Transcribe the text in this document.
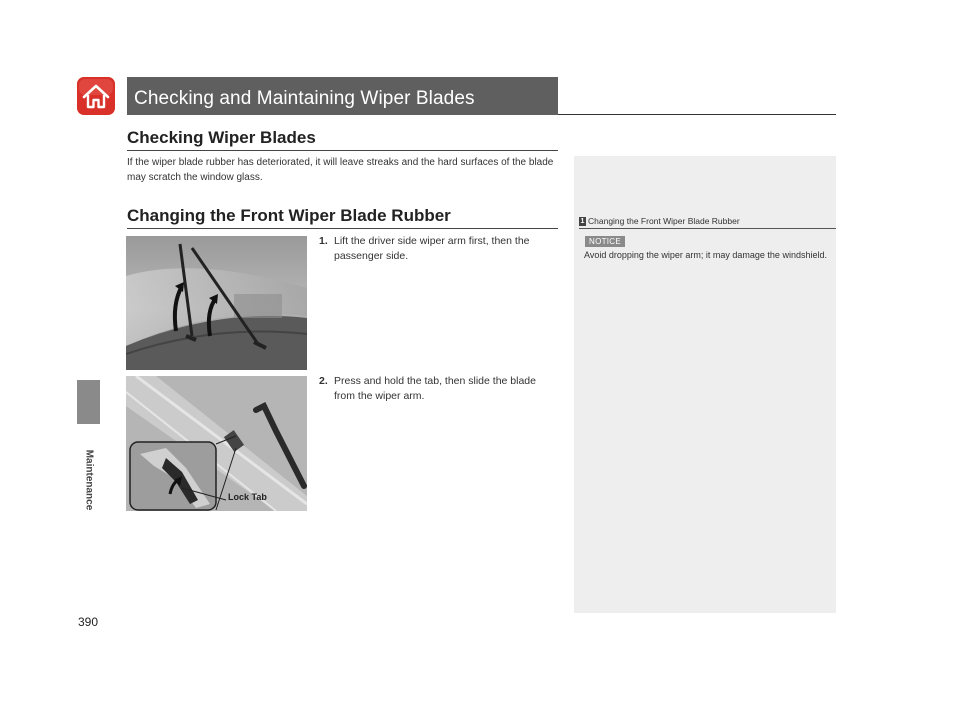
Maintenance
Checking and Maintaining Wiper Blades
Checking Wiper Blades
If the wiper blade rubber has deteriorated, it will leave streaks and the hard surfaces of the blade may scratch the window glass.
Changing the Front Wiper Blade Rubber
Lock Tab
1. Lift the driver side wiper arm first, then the passenger side.
2. Press and hold the tab, then slide the blade from the wiper arm.
1 Changing the Front Wiper Blade Rubber
NOTICE
Avoid dropping the wiper arm; it may damage the windshield.
390
